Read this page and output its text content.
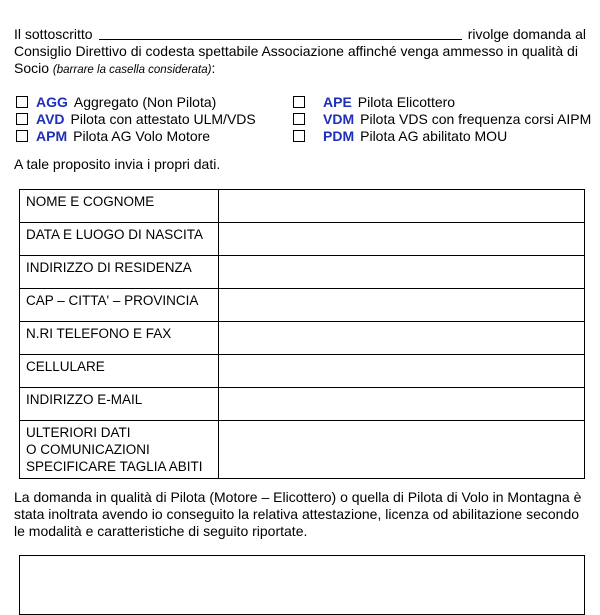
Il sottoscritto	rivolge domanda al
Consiglio Direttivo di codesta spettabile Associazione affinché venga ammesso in qualità di
Socio (barrare la casella considerata):
AGG Aggregato (Non Pilota)
AVD Pilota con attestato ULM/VDS
APM Pilota AG Volo Motore
APE Pilota Elicottero
VDM Pilota VDS con frequenza corsi AIPM
PDM Pilota AG abilitato MOU
A tale proposito invia i propri dati.
NOME E COGNOME	
DATA E LUOGO DI NASCITA	
INDIRIZZO DI RESIDENZA	
CAP – CITTA' – PROVINCIA	
N.RI TELEFONO E FAX	
CELLULARE	
INDIRIZZO E-MAIL	
ULTERIORI DATI
O COMUNICAZIONI
SPECIFICARE TAGLIA ABITI	
La domanda in qualità di Pilota (Motore – Elicottero) o quella di Pilota di Volo in Montagna è stata inoltrata avendo io conseguito la relativa attestazione, licenza od abilitazione secondo le modalità e caratteristiche di seguito riportate.
